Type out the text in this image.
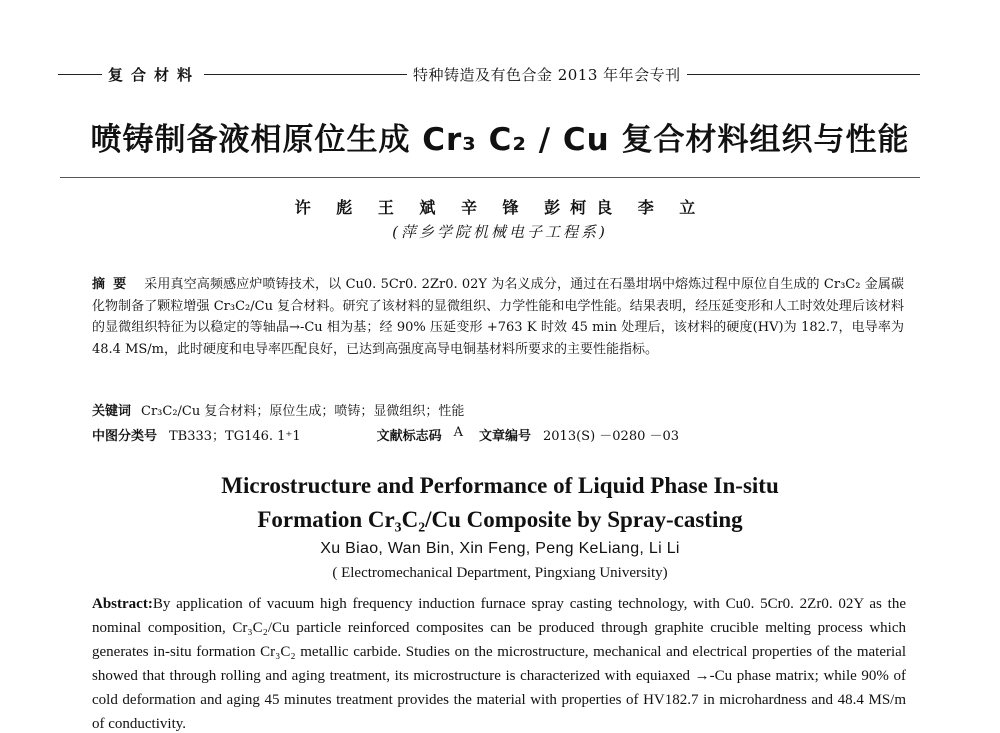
复合材料	特种铸造及有色合金 2013 年年会专刊
喷铸制备液相原位生成 Cr₃ C₂ / Cu 复合材料组织与性能
许 彪 王 斌 辛 锋 彭柯良 李 立
(萍乡学院机械电子工程系)
摘要 采用真空高频感应炉喷铸技术，以 Cu0. 5Cr0. 2Zr0. 02Y 为名义成分，通过在石墨坩埚中熔炼过程中原位自生成的 Cr₃C₂ 金属碳化物制备了颗粒增强 Cr₃C₂/Cu 复合材料。研究了该材料的显微组织、力学性能和电学性能。结果表明，经压延变形和人工时效处理后该材料的显微组织特征为以稳定的等轴晶→-Cu 相为基；经 90% 压延变形 +763 K 时效 45 min 处理后，该材料的硬度(HV)为 182.7，电导率为 48.4 MS/m，此时硬度和电导率匹配良好，已达到高强度高导电铜基材料所要求的主要性能指标。
关键词 Cr₃C₂/Cu 复合材料；原位生成；喷铸；显微组织；性能
中图分类号 TB333；TG146. 1⁺1	文献标志码 A 文章编号 2013(S) －0280 －03
Microstructure and Performance of Liquid Phase In-situ
Formation Cr₃C₂/Cu Composite by Spray-casting
Xu Biao, Wan Bin, Xin Feng, Peng KeLiang, Li Li
( Electromechanical Department, Pingxiang University)
Abstract:By application of vacuum high frequency induction furnace spray casting technology, with Cu0. 5Cr0. 2Zr0. 02Y as the nominal composition, Cr₃C₂/Cu particle reinforced composites can be produced through graphite crucible melting process which generates in-situ formation Cr₃C₂ metallic carbide. Studies on the microstructure, mechanical and electrical properties of the material showed that through rolling and aging treatment, its microstructure is characterized with equiaxed →-Cu phase matrix; while 90% of cold deformation and aging 45 minutes treatment provides the material with properties of HV182.7 in microhardness and 48.4 MS/m of conductivity.
